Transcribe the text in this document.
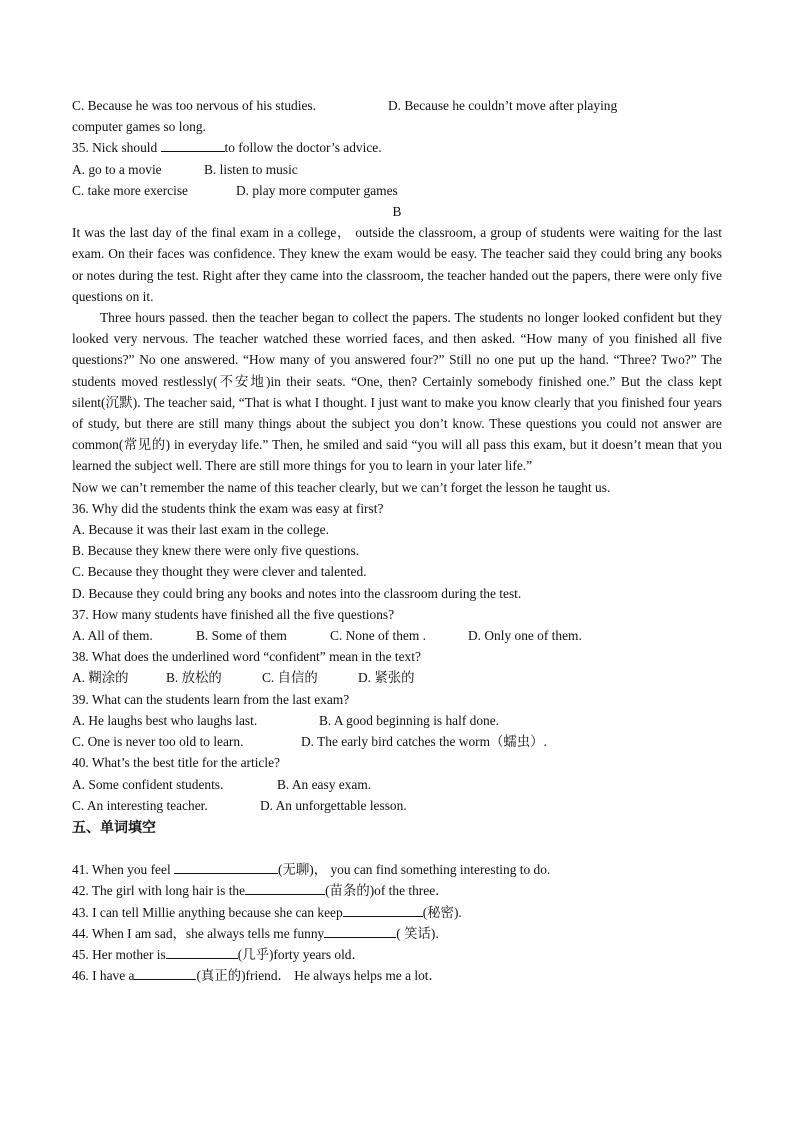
C. Because he was too nervous of his studies.	D. Because he couldn’t move after playing
computer games so long.
35. Nick should	to follow the doctor’s advice.
A. go to a movie	B. listen to music
C. take more exercise	D. play more computer games
B
It was the last day of the final exam in a college， outside the classroom, a group of students were waiting for the last exam. On their faces was confidence. They knew the exam would be easy. The teacher said they could bring any books or notes during the test. Right after they came into the classroom, the teacher handed out the papers, there were only five questions on it.
Three hours passed. then the teacher began to collect the papers. The students no longer looked confident but they looked very nervous. The teacher watched these worried faces, and then asked. “How many of you finished all five questions?” No one answered. “How many of you answered four?” Still no one put up the hand. “Three? Two?” The students moved restlessly(不安地)in their seats. “One, then? Certainly somebody finished one.” But the class kept silent(沉默). The teacher said, “That is what I thought. I just want to make you know clearly that you finished four years of study, but there are still many things about the subject you don’t know. These questions you could not answer are common(常见的) in everyday life.” Then, he smiled and said “you will all pass this exam, but it doesn’t mean that you learned the subject well. There are still more things for you to learn in your later life.”
Now we can’t remember the name of this teacher clearly, but we can’t forget the lesson he taught us.
36. Why did the students think the exam was easy at first?
A. Because it was their last exam in the college.
B. Because they knew there were only five questions.
C. Because they thought they were clever and talented.
D. Because they could bring any books and notes into the classroom during the test.
37. How many students have finished all the five questions?
A. All of them.	B. Some of them	C. None of them .	D. Only one of them.
38. What does the underlined word “confident” mean in the text?
A. 糊涂的	B. 放松的	C. 自信的	D. 紧张的
39. What can the students learn from the last exam?
A. He laughs best who laughs last.	B. A good beginning is half done.
C. One is never too old to learn.	D. The early bird catches the worm（蠕虫）.
40. What’s the best title for the article?
A. Some confident students.	B. An easy exam.
C. An interesting teacher.	D. An unforgettable lesson.
五、单词填空
41. When you feel	(无聊)， you can find something interesting to do.
42. The girl with long hair is the	(苗条的)of the three．
43. I can tell Millie anything because she can keep	(秘密).
44. When I am sad，she always tells me funny	( 笑话).
45. Her mother is	(几乎)forty years old．
46. I have a	(真正的)friend． He always helps me a lot．
